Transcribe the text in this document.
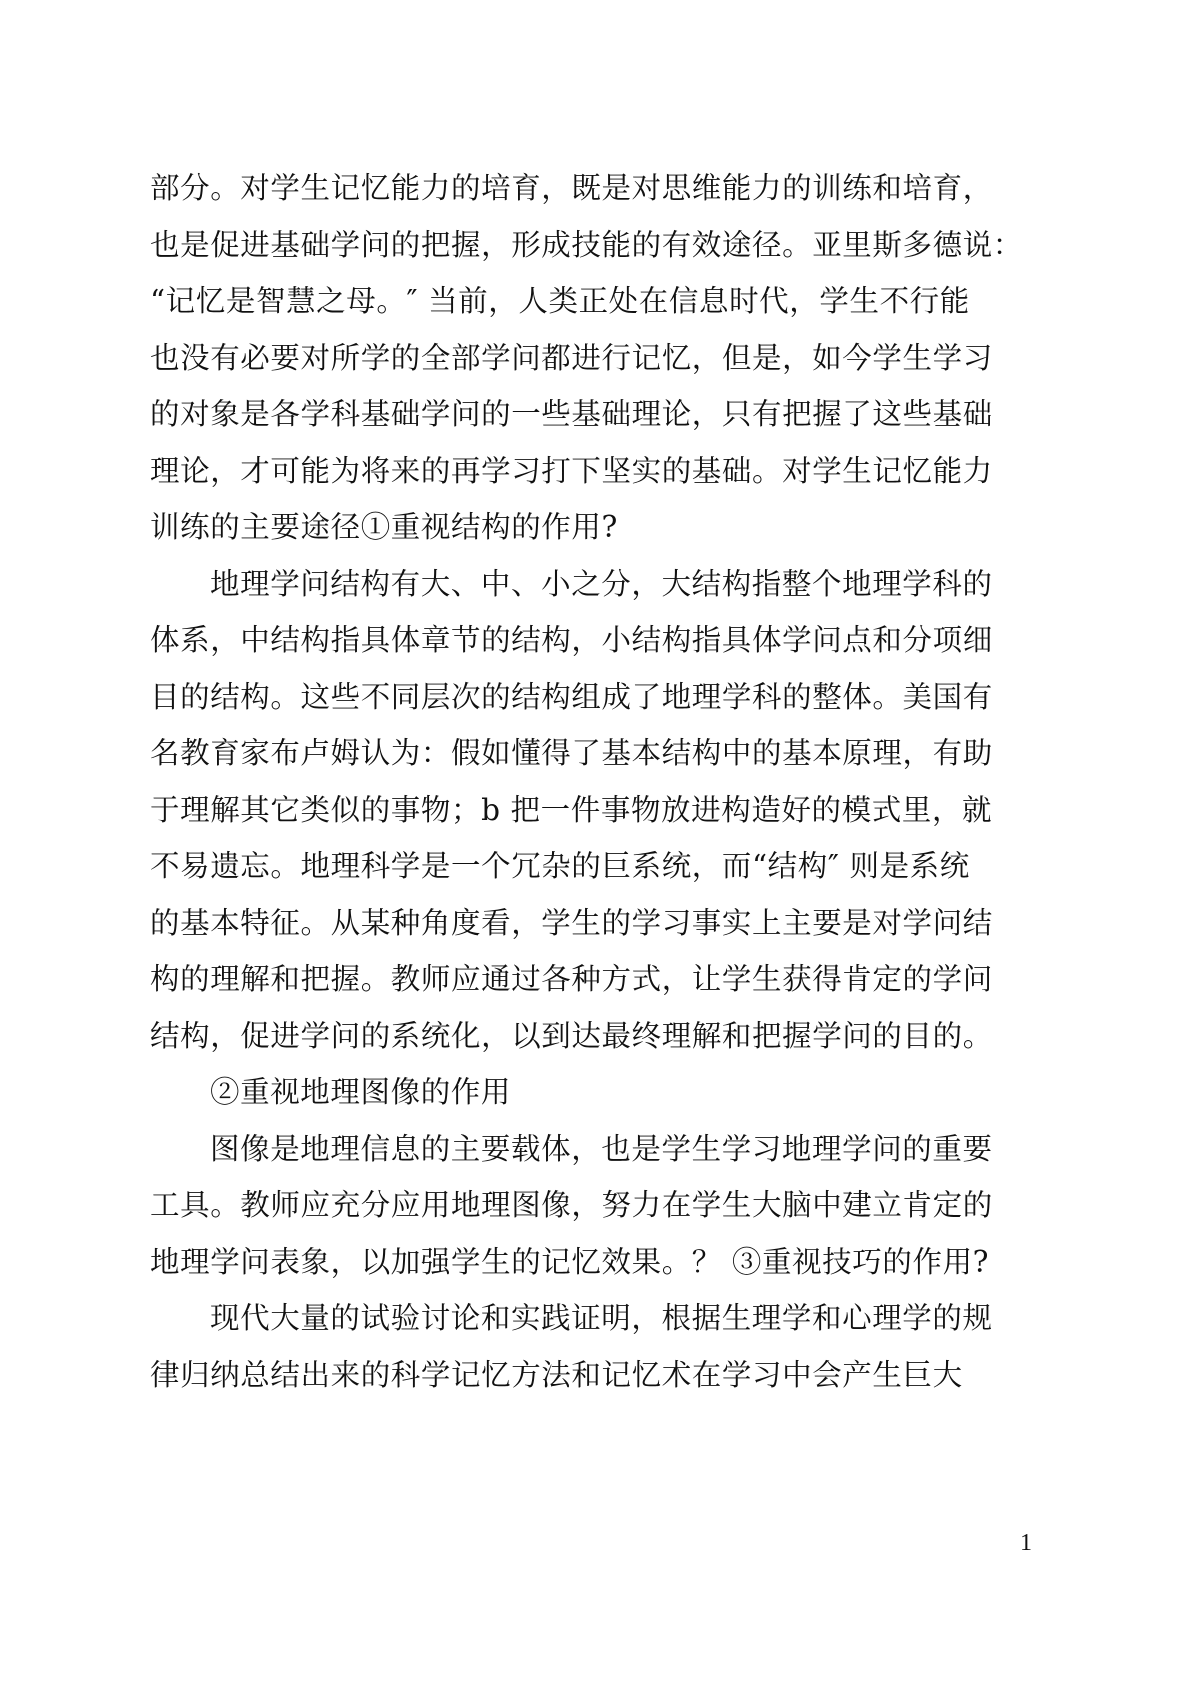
部分。对学生记忆能力的培育，既是对思维能力的训练和培育，
也是促进基础学问的把握，形成技能的有效途径。亚里斯多德说：
“记忆是智慧之母。″ 当前，人类正处在信息时代，学生不行能
也没有必要对所学的全部学问都进行记忆，但是，如今学生学习
的对象是各学科基础学问的一些基础理论，只有把握了这些基础
理论，才可能为将来的再学习打下坚实的基础。对学生记忆能力
训练的主要途径①重视结构的作用?
地理学问结构有大、中、小之分，大结构指整个地理学科的
体系，中结构指具体章节的结构，小结构指具体学问点和分项细
目的结构。这些不同层次的结构组成了地理学科的整体。美国有
名教育家布卢姆认为：假如懂得了基本结构中的基本原理，有助
于理解其它类似的事物；b 把一件事物放进构造好的模式里，就
不易遗忘。地理科学是一个冗杂的巨系统，而“结构″ 则是系统
的基本特征。从某种角度看，学生的学习事实上主要是对学问结
构的理解和把握。教师应通过各种方式，让学生获得肯定的学问
结构，促进学问的系统化，以到达最终理解和把握学问的目的。
②重视地理图像的作用
图像是地理信息的主要载体，也是学生学习地理学问的重要
工具。教师应充分应用地理图像，努力在学生大脑中建立肯定的
地理学问表象，以加强学生的记忆效果。？ ③重视技巧的作用?
现代大量的试验讨论和实践证明，根据生理学和心理学的规
律归纳总结出来的科学记忆方法和记忆术在学习中会产生巨大
1
